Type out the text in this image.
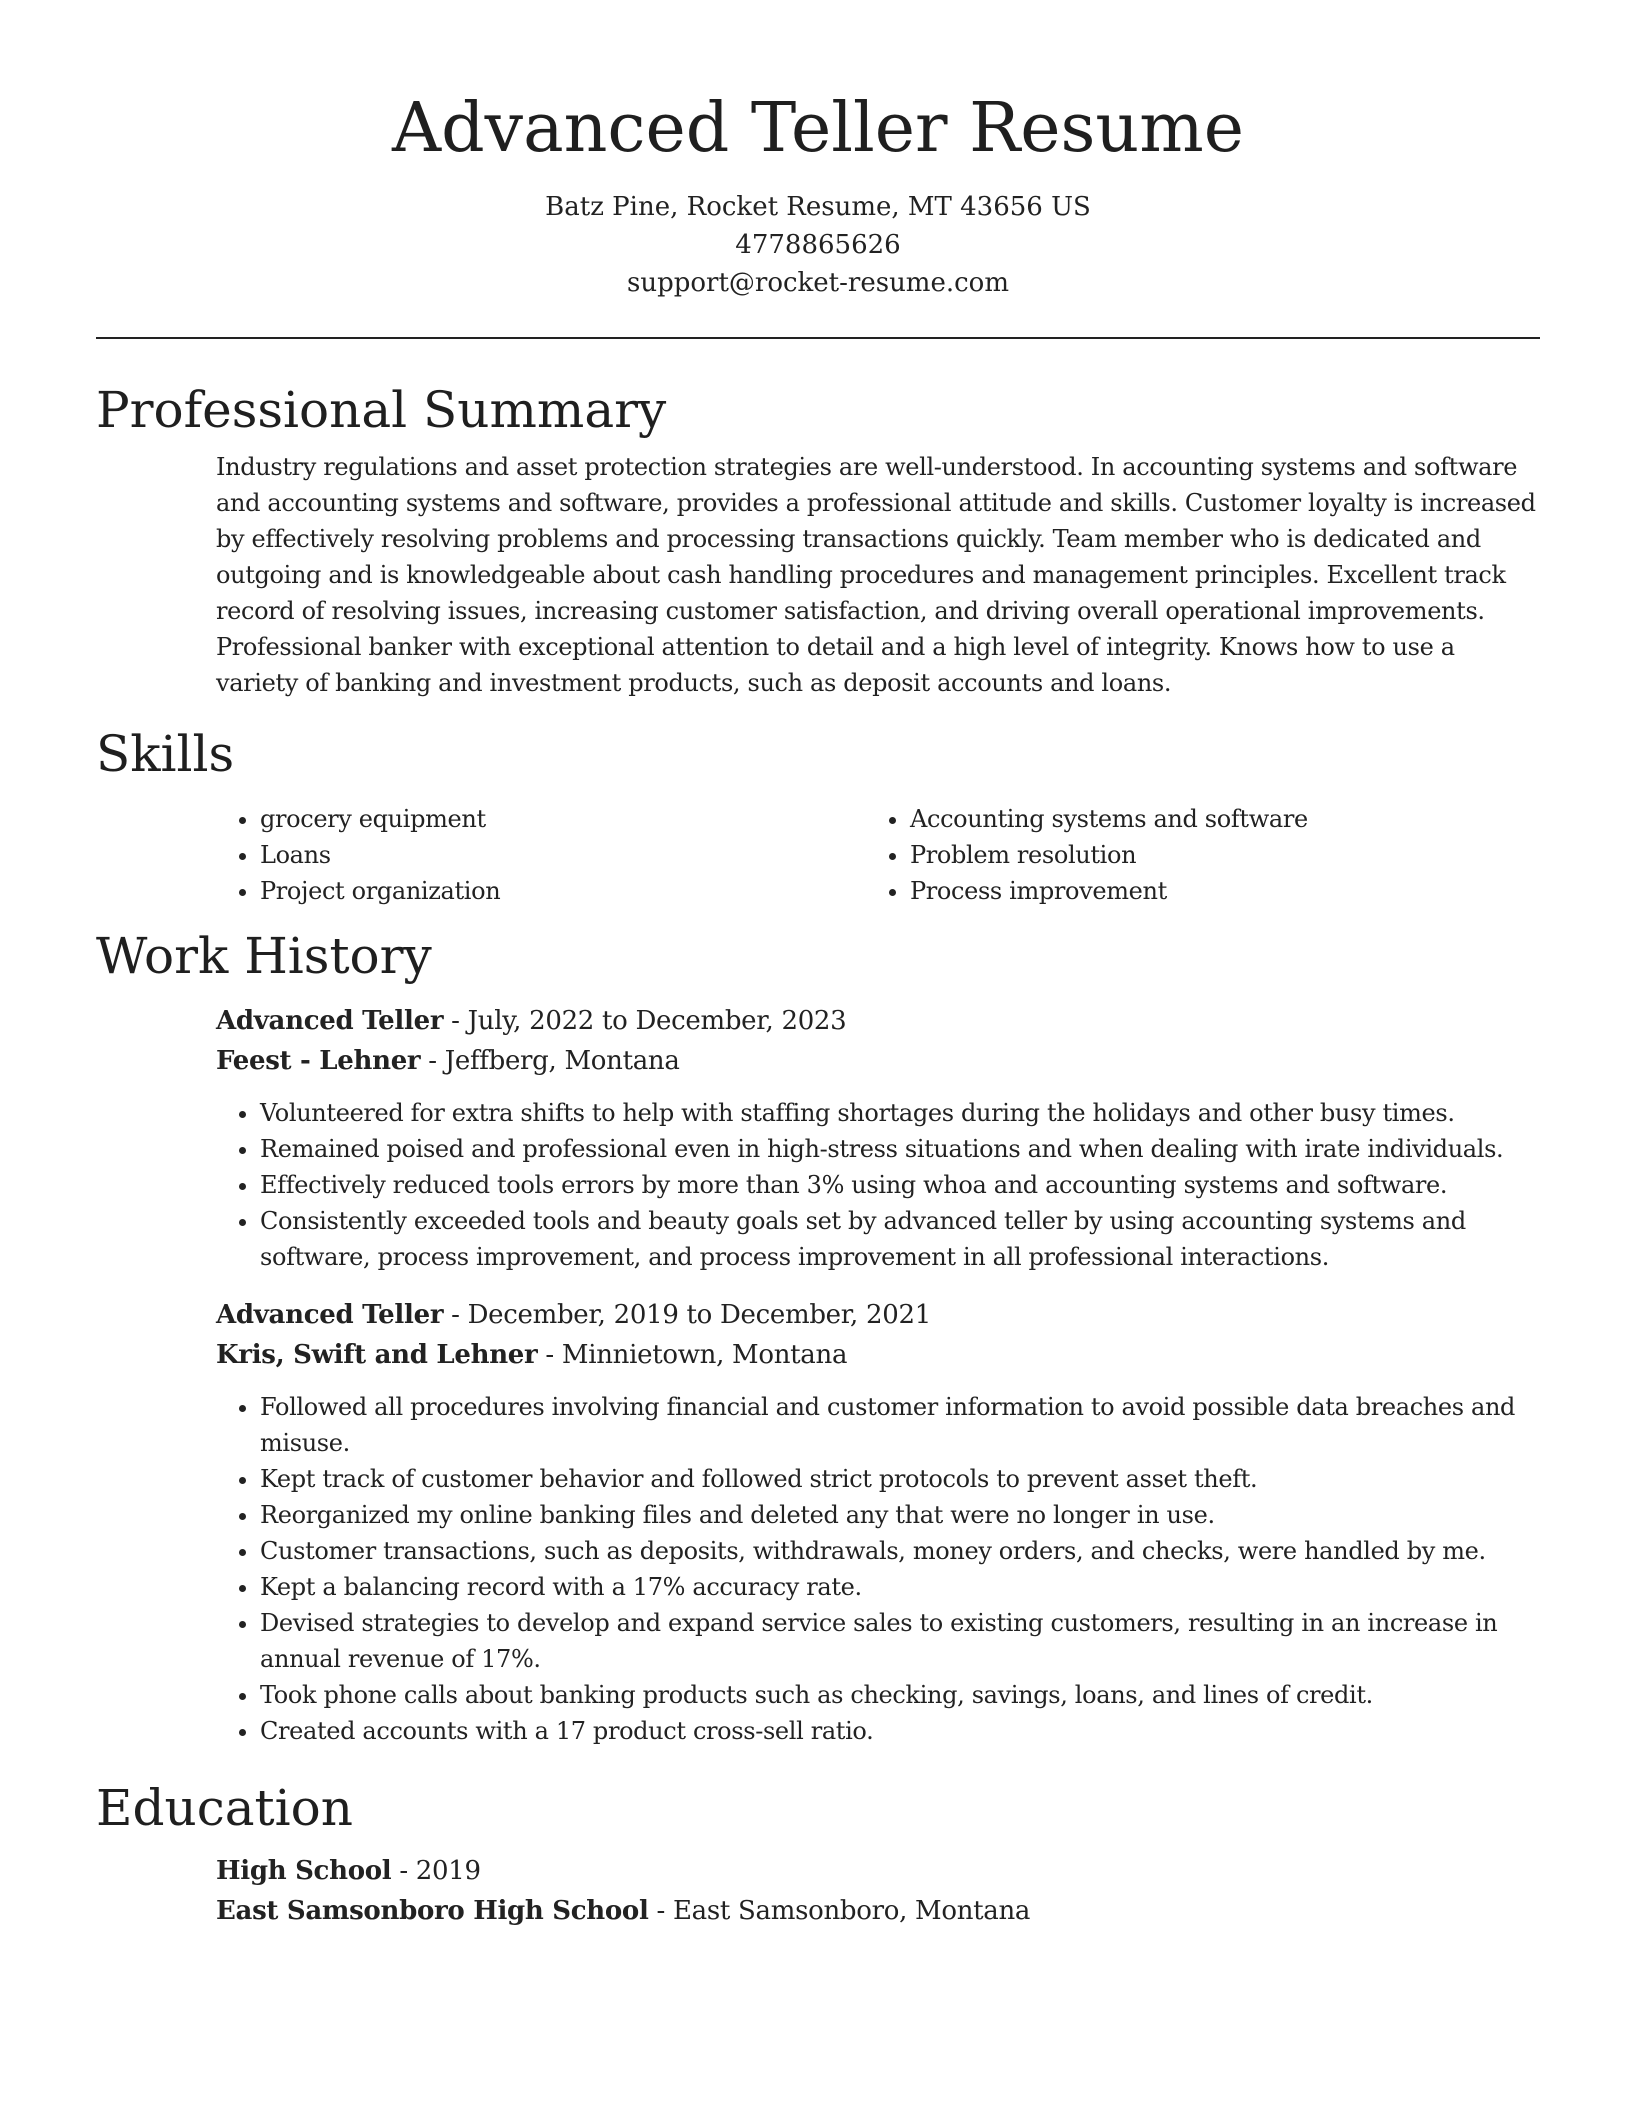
Advanced Teller Resume

Batz Pine, Rocket Resume, MT 43656 US

4778865626

support@rocket-resume.com

Professional Summary

Industry regulations and asset protection strategies are well-understood. In accounting systems and software and accounting systems and software, provides a professional attitude and skills. Customer loyalty is increased by effectively resolving problems and processing transactions quickly. Team member who is dedicated and outgoing and is knowledgeable about cash handling procedures and management principles. Excellent track record of resolving issues, increasing customer satisfaction, and driving overall operational improvements. Professional banker with exceptional attention to detail and a high level of integrity. Knows how to use a variety of banking and investment products, such as deposit accounts and loans.

Skills
• grocery equipment
• Loans
• Project organization
• Accounting systems and software
• Problem resolution
• Process improvement
Work History

Advanced Teller - July, 2022 to December, 2023

Feest - Lehner - Jeffberg, Montana

• Volunteered for extra shifts to help with staffing shortages during the holidays and other busy times.
• Remained poised and professional even in high-stress situations and when dealing with irate individuals.
• Effectively reduced tools errors by more than 3% using whoa and accounting systems and software.
• Consistently exceeded tools and beauty goals set by advanced teller by using accounting systems and software, process improvement, and process improvement in all professional interactions.

Advanced Teller - December, 2019 to December, 2021

Kris, Swift and Lehner - Minnietown, Montana

• Followed all procedures involving financial and customer information to avoid possible data breaches and misuse.
• Kept track of customer behavior and followed strict protocols to prevent asset theft.
• Reorganized my online banking files and deleted any that were no longer in use.
• Customer transactions, such as deposits, withdrawals, money orders, and checks, were handled by me.
• Kept a balancing record with a 17% accuracy rate.
• Devised strategies to develop and expand service sales to existing customers, resulting in an increase in annual revenue of 17%.
• Took phone calls about banking products such as checking, savings, loans, and lines of credit.
• Created accounts with a 17 product cross-sell ratio.
Education

High School - 2019

East Samsonboro High School - East Samsonboro, Montana
